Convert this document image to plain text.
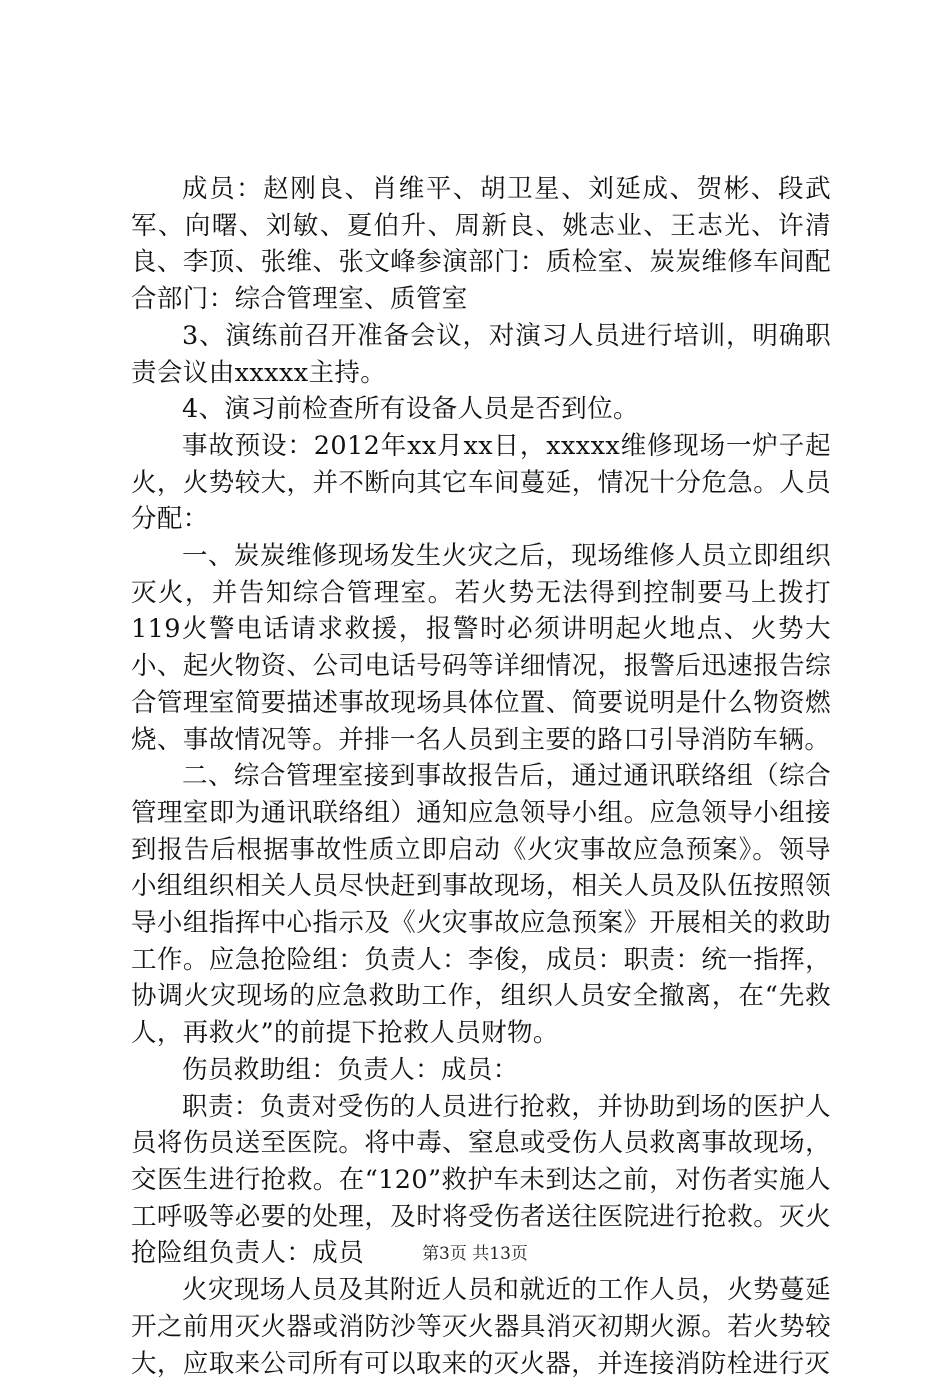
成员：赵刚良、肖维平、胡卫星、刘延成、贺彬、段武军、向曙、刘敏、夏伯升、周新良、姚志业、王志光、许清良、李顶、张维、张文峰参演部门：质检室、炭炭维修车间配合部门：综合管理室、质管室

3、演练前召开准备会议，对演习人员进行培训，明确职责会议由xxxxx主持。

4、演习前检查所有设备人员是否到位。

事故预设：2012年xx月xx日，xxxxx维修现场一炉子起火，火势较大，并不断向其它车间蔓延，情况十分危急。人员分配：

一、炭炭维修现场发生火灾之后，现场维修人员立即组织灭火，并告知综合管理室。若火势无法得到控制要马上拨打119火警电话请求救援，报警时必须讲明起火地点、火势大小、起火物资、公司电话号码等详细情况，报警后迅速报告综合管理室简要描述事故现场具体位置、简要说明是什么物资燃烧、事故情况等。并排一名人员到主要的路口引导消防车辆。

二、综合管理室接到事故报告后，通过通讯联络组（综合管理室即为通讯联络组）通知应急领导小组。应急领导小组接到报告后根据事故性质立即启动《火灾事故应急预案》。领导小组组织相关人员尽快赶到事故现场，相关人员及队伍按照领导小组指挥中心指示及《火灾事故应急预案》开展相关的救助工作。应急抢险组：负责人：李俊，成员：职责：统一指挥，协调火灾现场的应急救助工作，组织人员安全撤离，在“先救人，再救火”的前提下抢救人员财物。

伤员救助组：负责人：成员：

职责：负责对受伤的人员进行抢救，并协助到场的医护人员将伤员送至医院。将中毒、窒息或受伤人员救离事故现场，交医生进行抢救。在“120”救护车未到达之前，对伤者实施人工呼吸等必要的处理，及时将受伤者送往医院进行抢救。灭火抢险组负责人：成员

火灾现场人员及其附近人员和就近的工作人员，火势蔓延开之前用灭火器或消防沙等灭火器具消灭初期火源。若火势较大，应取来公司所有可以取来的灭火器，并连接消防栓进行灭

第3页 共13页
